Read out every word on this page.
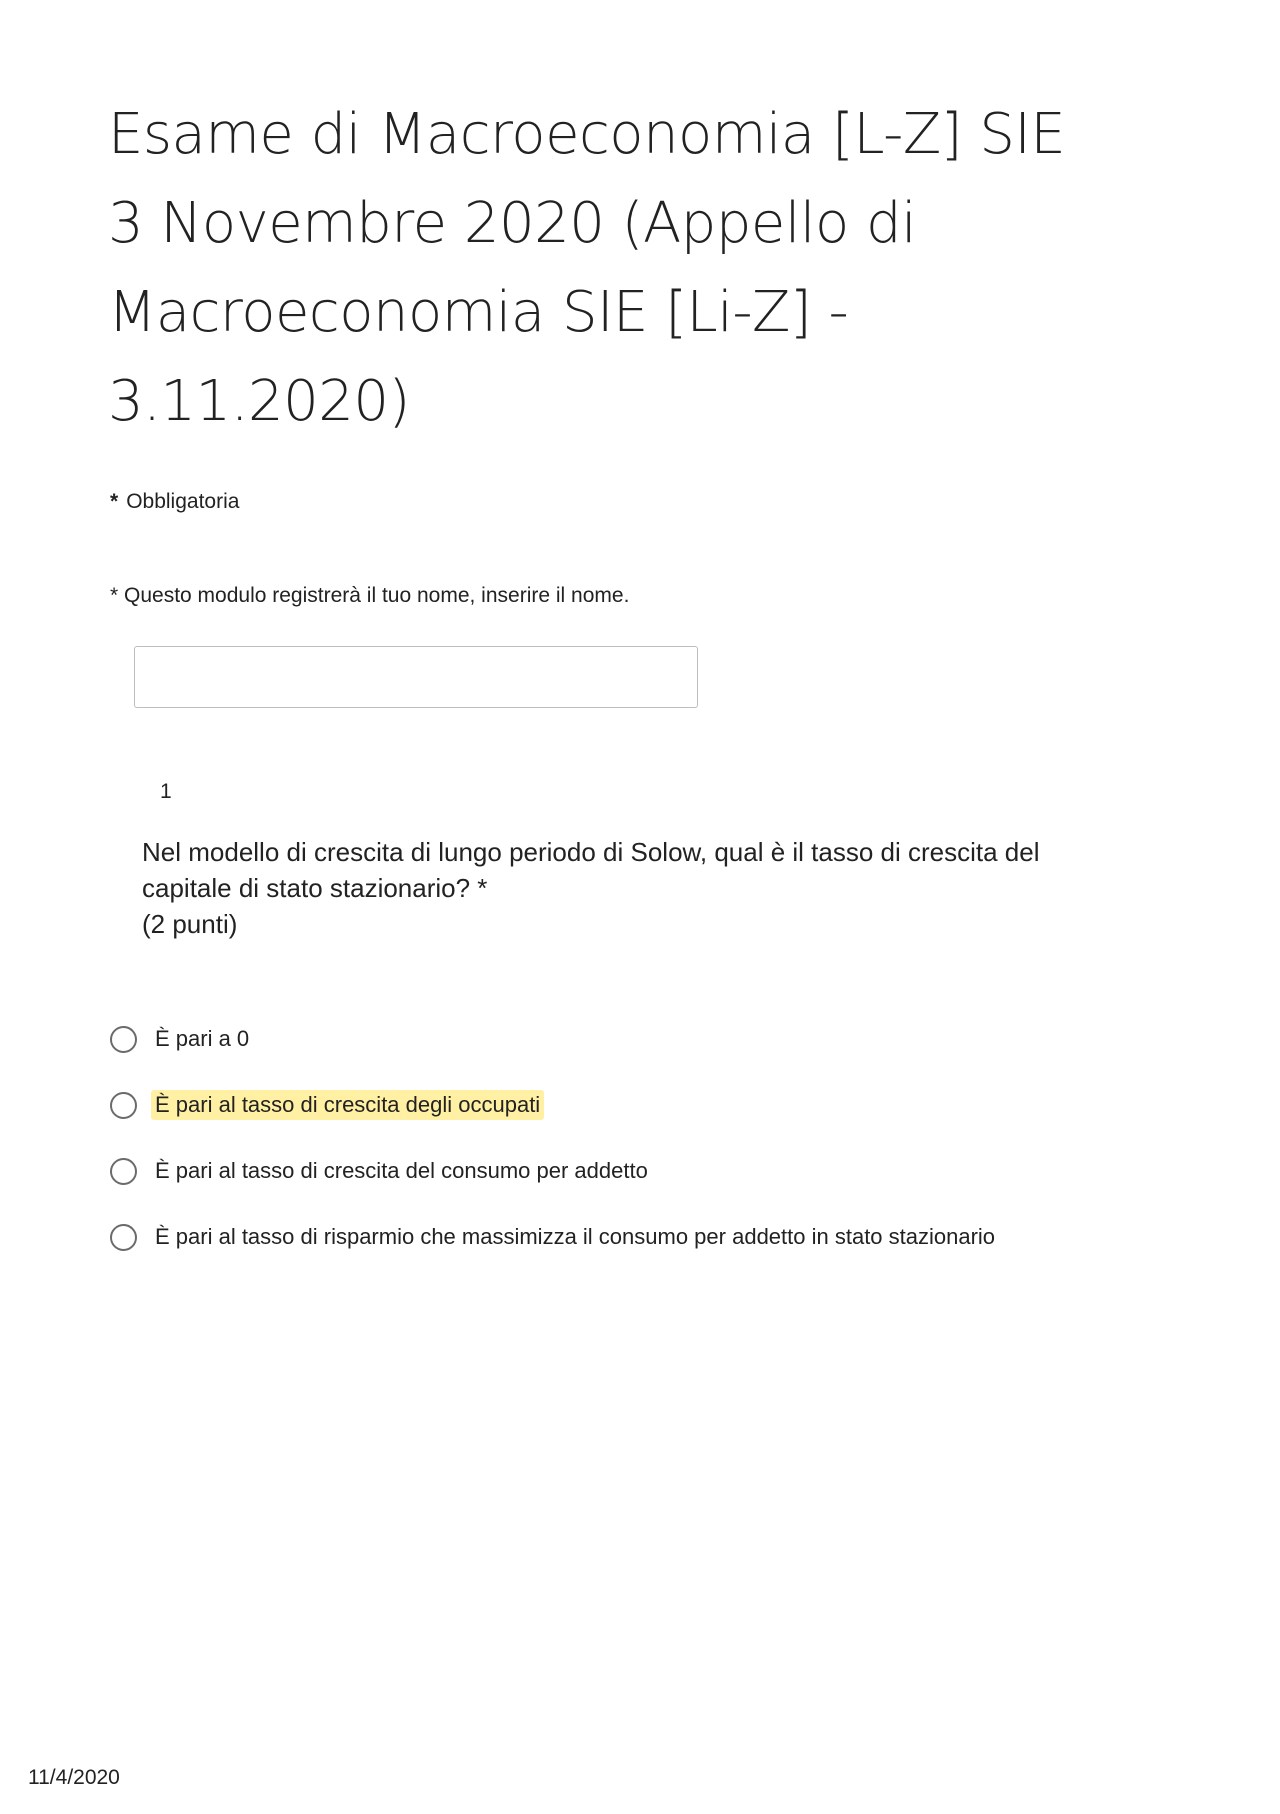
Esame di Macroeconomia [L-Z] SIE 3 Novembre 2020 (Appello di Macroeconomia SIE [Li-Z] - 3.11.2020)
* Obbligatoria
* Questo modulo registrerà il tuo nome, inserire il nome.
1
Nel modello di crescita di lungo periodo di Solow, qual è il tasso di crescita del
capitale di stato stazionario? *
(2 punti)
È pari a 0
È pari al tasso di crescita degli occupati
È pari al tasso di crescita del consumo per addetto
È pari al tasso di risparmio che massimizza il consumo per addetto in stato stazionario
11/4/2020
